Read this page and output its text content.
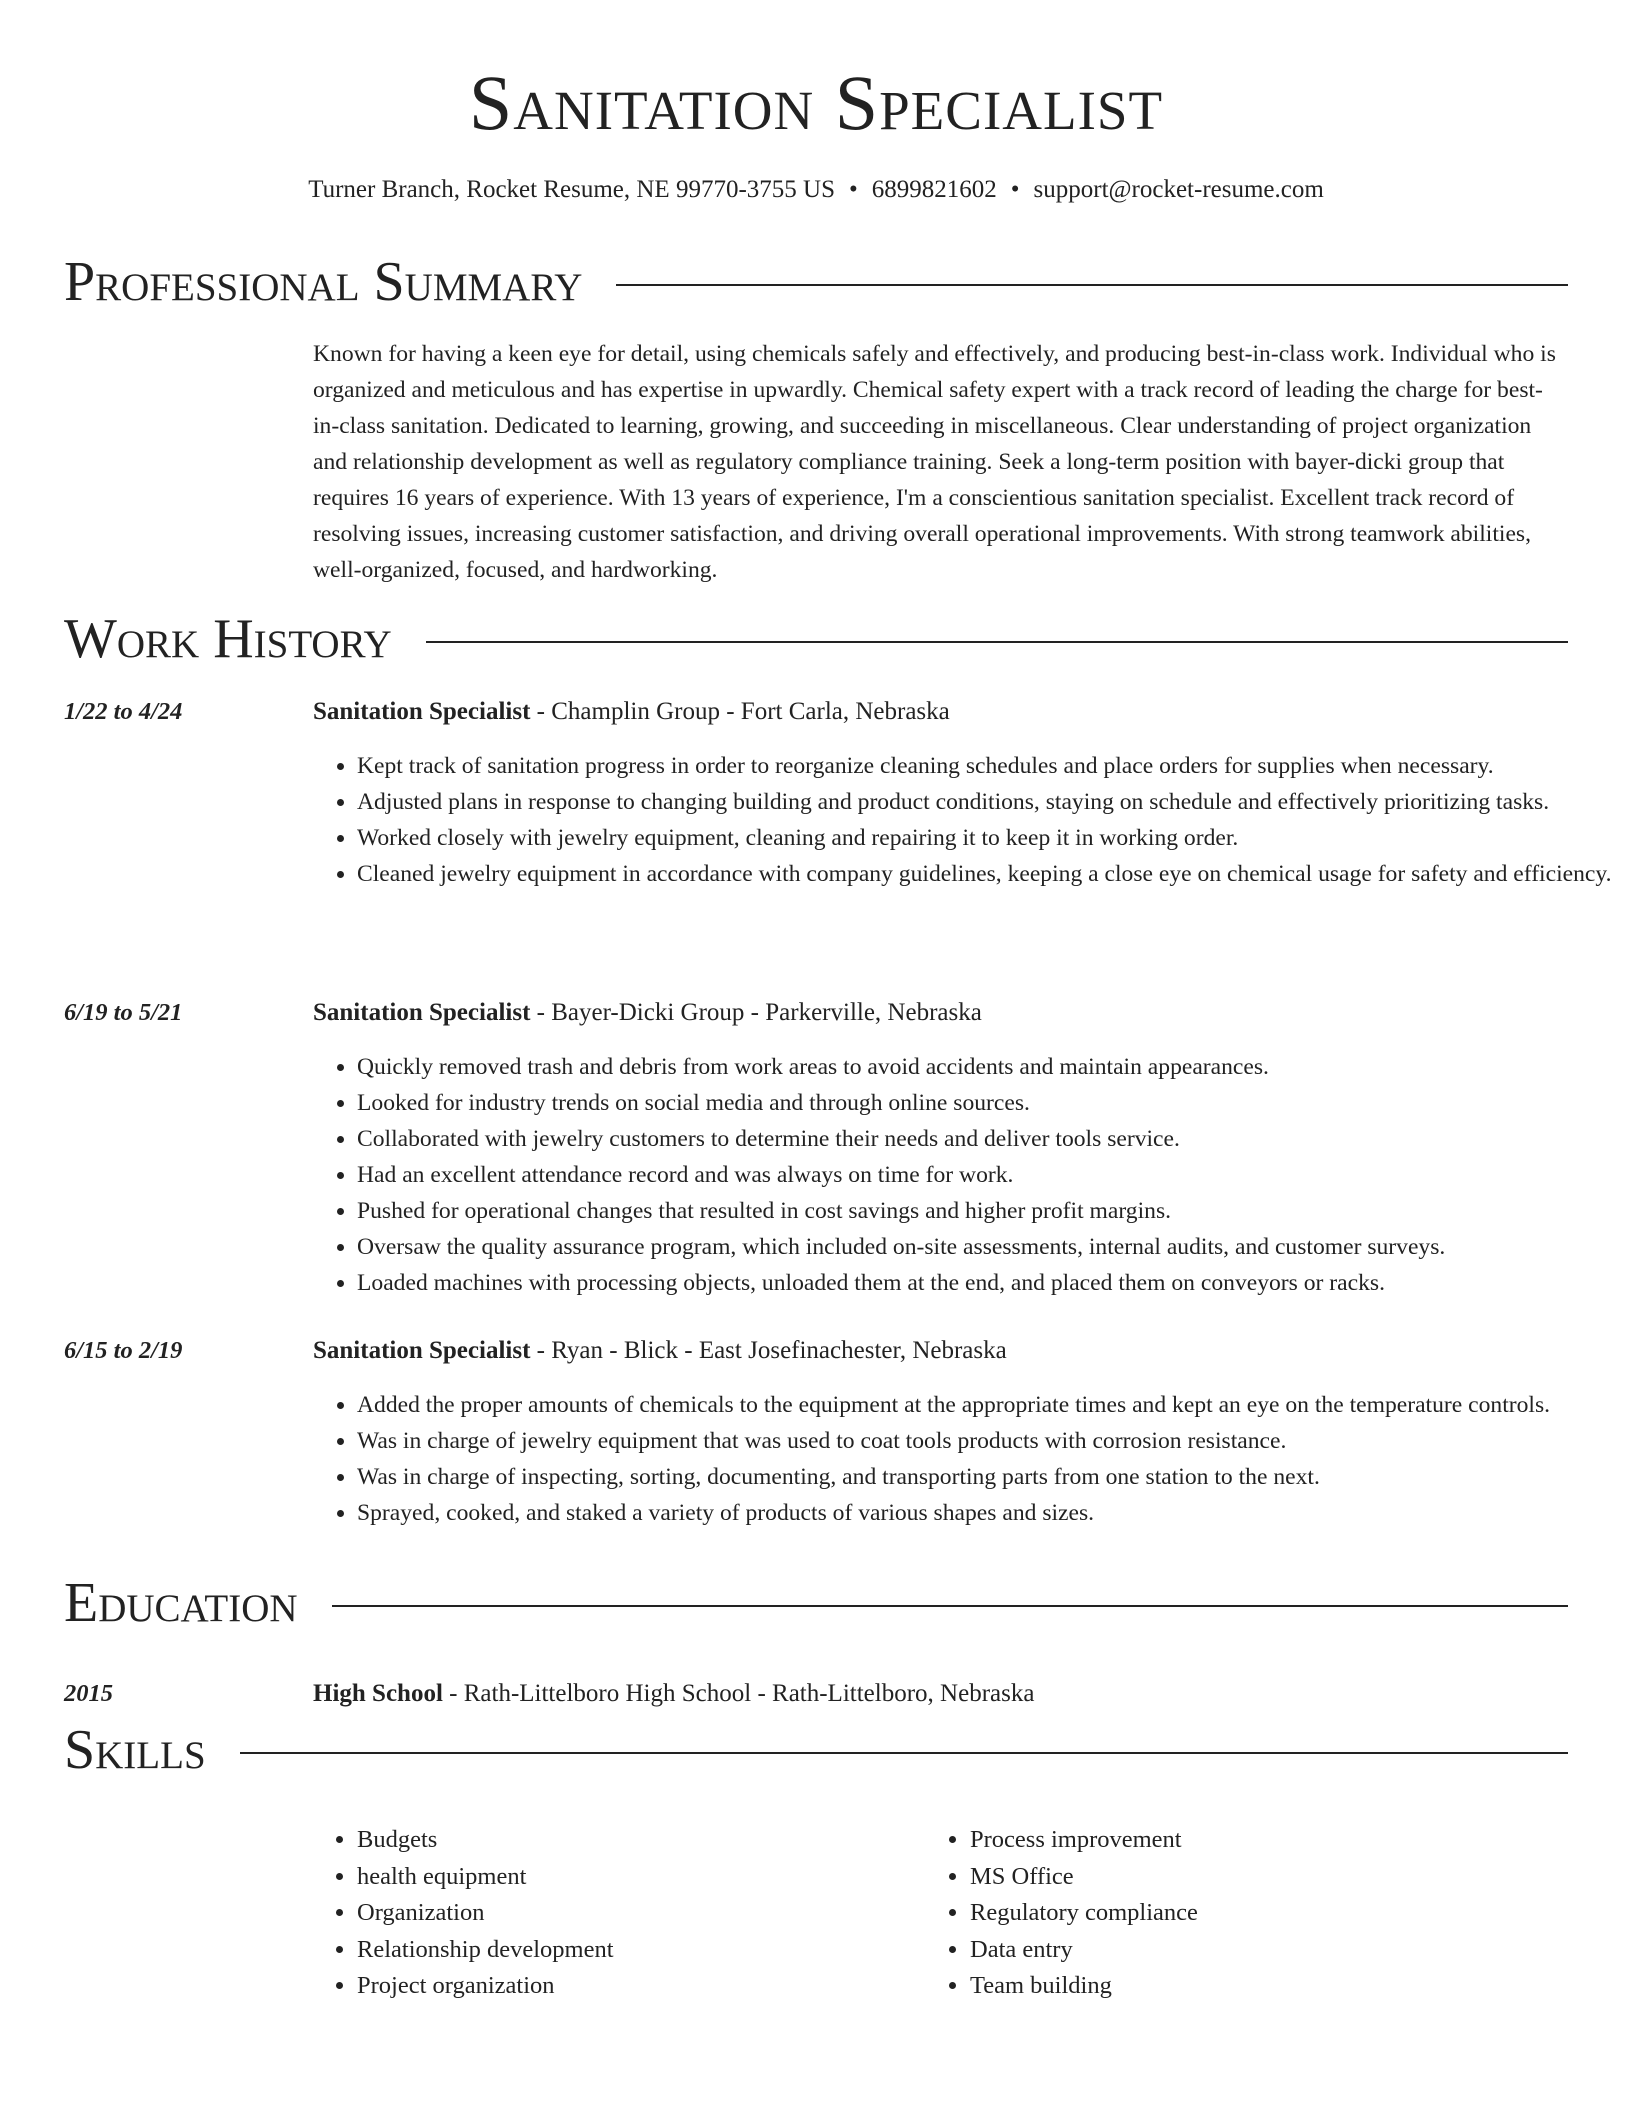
Sanitation Specialist
Turner Branch, Rocket Resume, NE 99770-3755 US • 6899821602 • support@rocket-resume.com
Professional Summary

Known for having a keen eye for detail, using chemicals safely and effectively, and producing best-in-class work. Individual who is organized and meticulous and has expertise in upwardly. Chemical safety expert with a track record of leading the charge for best-in-class sanitation. Dedicated to learning, growing, and succeeding in miscellaneous. Clear understanding of project organization and relationship development as well as regulatory compliance training. Seek a long-term position with bayer-dicki group that requires 16 years of experience. With 13 years of experience, I'm a conscientious sanitation specialist. Excellent track record of resolving issues, increasing customer satisfaction, and driving overall operational improvements. With strong teamwork abilities, well-organized, focused, and hardworking.

Work History
1/22 to 4/24	Sanitation Specialist - Champlin Group - Fort Carla, Nebraska
• Kept track of sanitation progress in order to reorganize cleaning schedules and place orders for supplies when necessary.
• Adjusted plans in response to changing building and product conditions, staying on schedule and effectively prioritizing tasks.
• Worked closely with jewelry equipment, cleaning and repairing it to keep it in working order.
• Cleaned jewelry equipment in accordance with company guidelines, keeping a close eye on chemical usage for safety and efficiency.
6/19 to 5/21	Sanitation Specialist - Bayer-Dicki Group - Parkerville, Nebraska
• Quickly removed trash and debris from work areas to avoid accidents and maintain appearances.
• Looked for industry trends on social media and through online sources.
• Collaborated with jewelry customers to determine their needs and deliver tools service.
• Had an excellent attendance record and was always on time for work.
• Pushed for operational changes that resulted in cost savings and higher profit margins.
• Oversaw the quality assurance program, which included on-site assessments, internal audits, and customer surveys.
• Loaded machines with processing objects, unloaded them at the end, and placed them on conveyors or racks.
6/15 to 2/19	Sanitation Specialist - Ryan - Blick - East Josefinachester, Nebraska
• Added the proper amounts of chemicals to the equipment at the appropriate times and kept an eye on the temperature controls.
• Was in charge of jewelry equipment that was used to coat tools products with corrosion resistance.
• Was in charge of inspecting, sorting, documenting, and transporting parts from one station to the next.
• Sprayed, cooked, and staked a variety of products of various shapes and sizes.
Education
2015	High School - Rath-Littelboro High School - Rath-Littelboro, Nebraska
Skills
• Budgets
• health equipment
• Organization
• Relationship development
• Project organization
• Process improvement
• MS Office
• Regulatory compliance
• Data entry
• Team building
